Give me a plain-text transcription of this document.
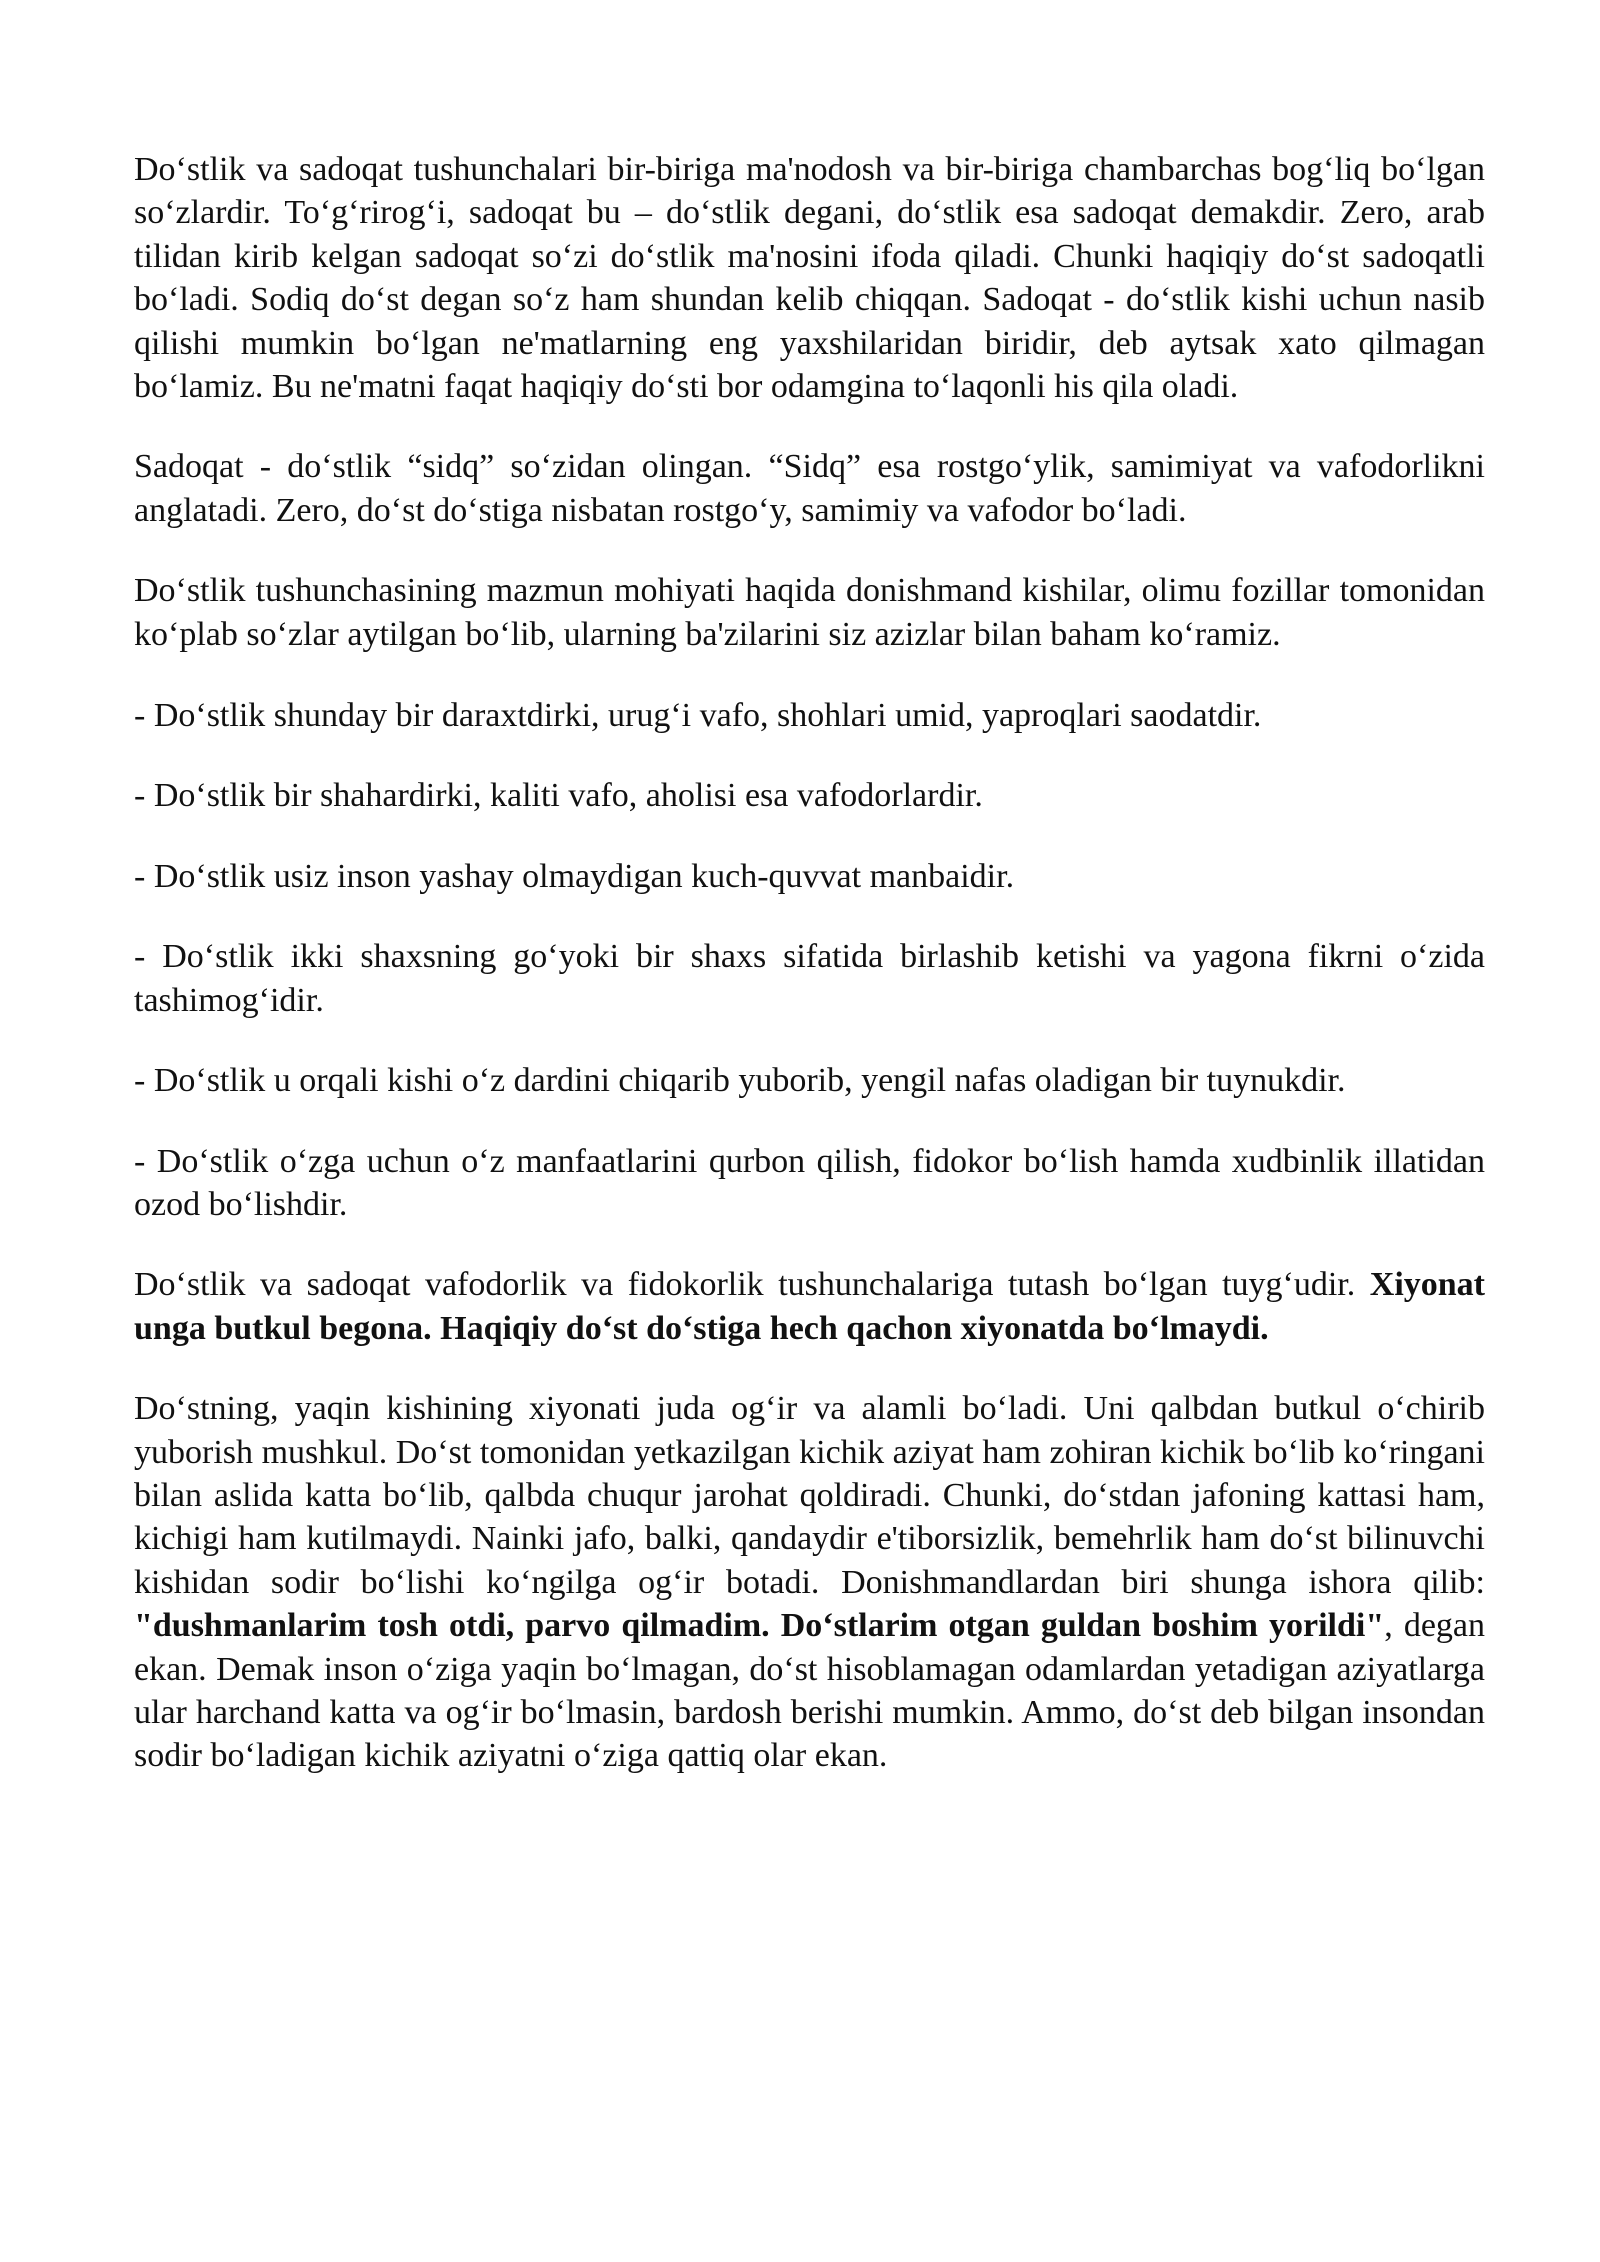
Do‘stlik va sadoqat tushunchalari bir-biriga ma'nodosh va bir-biriga chambarchas bog‘liq bo‘lgan so‘zlardir. To‘g‘rirog‘i, sadoqat bu – do‘stlik degani, do‘stlik esa sadoqat demakdir. Zero, arab tilidan kirib kelgan sadoqat so‘zi do‘stlik ma'nosini ifoda qiladi. Chunki haqiqiy do‘st sadoqatli bo‘ladi. Sodiq do‘st degan so‘z ham shundan kelib chiqqan. Sadoqat - do‘stlik kishi uchun nasib qilishi mumkin bo‘lgan ne'matlarning eng yaxshilaridan biridir, deb aytsak xato qilmagan bo‘lamiz. Bu ne'matni faqat haqiqiy do‘sti bor odamgina to‘laqonli his qila oladi.

Sadoqat - do‘stlik “sidq” so‘zidan olingan. “Sidq” esa rostgo‘ylik, samimiyat va vafodorlikni anglatadi. Zero, do‘st do‘stiga nisbatan rostgo‘y, samimiy va vafodor bo‘ladi.

Do‘stlik tushunchasining mazmun mohiyati haqida donishmand kishilar, olimu fozillar tomonidan ko‘plab so‘zlar aytilgan bo‘lib, ularning ba'zilarini siz azizlar bilan baham ko‘ramiz.

- Do‘stlik shunday bir daraxtdirki, urug‘i vafo, shohlari umid, yaproqlari saodatdir.

- Do‘stlik bir shahardirki, kaliti vafo, aholisi esa vafodorlardir.

- Do‘stlik usiz inson yashay olmaydigan kuch-quvvat manbaidir.

- Do‘stlik ikki shaxsning go‘yoki bir shaxs sifatida birlashib ketishi va yagona fikrni o‘zida tashimog‘idir.

- Do‘stlik u orqali kishi o‘z dardini chiqarib yuborib, yengil nafas oladigan bir tuynukdir.

- Do‘stlik o‘zga uchun o‘z manfaatlarini qurbon qilish, fidokor bo‘lish hamda xudbinlik illatidan ozod bo‘lishdir.

Do‘stlik va sadoqat vafodorlik va fidokorlik tushunchalariga tutash bo‘lgan tuyg‘udir. Xiyonat unga butkul begona. Haqiqiy do‘st do‘stiga hech qachon xiyonatda bo‘lmaydi.

Do‘stning, yaqin kishining xiyonati juda og‘ir va alamli bo‘ladi. Uni qalbdan butkul o‘chirib yuborish mushkul. Do‘st tomonidan yetkazilgan kichik aziyat ham zohiran kichik bo‘lib ko‘ringani bilan aslida katta bo‘lib, qalbda chuqur jarohat qoldiradi. Chunki, do‘stdan jafoning kattasi ham, kichigi ham kutilmaydi. Nainki jafo, balki, qandaydir e'tiborsizlik, bemehrlik ham do‘st bilinuvchi kishidan sodir bo‘lishi ko‘ngilga og‘ir botadi. Donishmandlardan biri shunga ishora qilib: "dushmanlarim tosh otdi, parvo qilmadim. Do‘stlarim otgan guldan boshim yorildi", degan ekan. Demak inson o‘ziga yaqin bo‘lmagan, do‘st hisoblamagan odamlardan yetadigan aziyatlarga ular harchand katta va og‘ir bo‘lmasin, bardosh berishi mumkin. Ammo, do‘st deb bilgan insondan sodir bo‘ladigan kichik aziyatni o‘ziga qattiq olar ekan.
